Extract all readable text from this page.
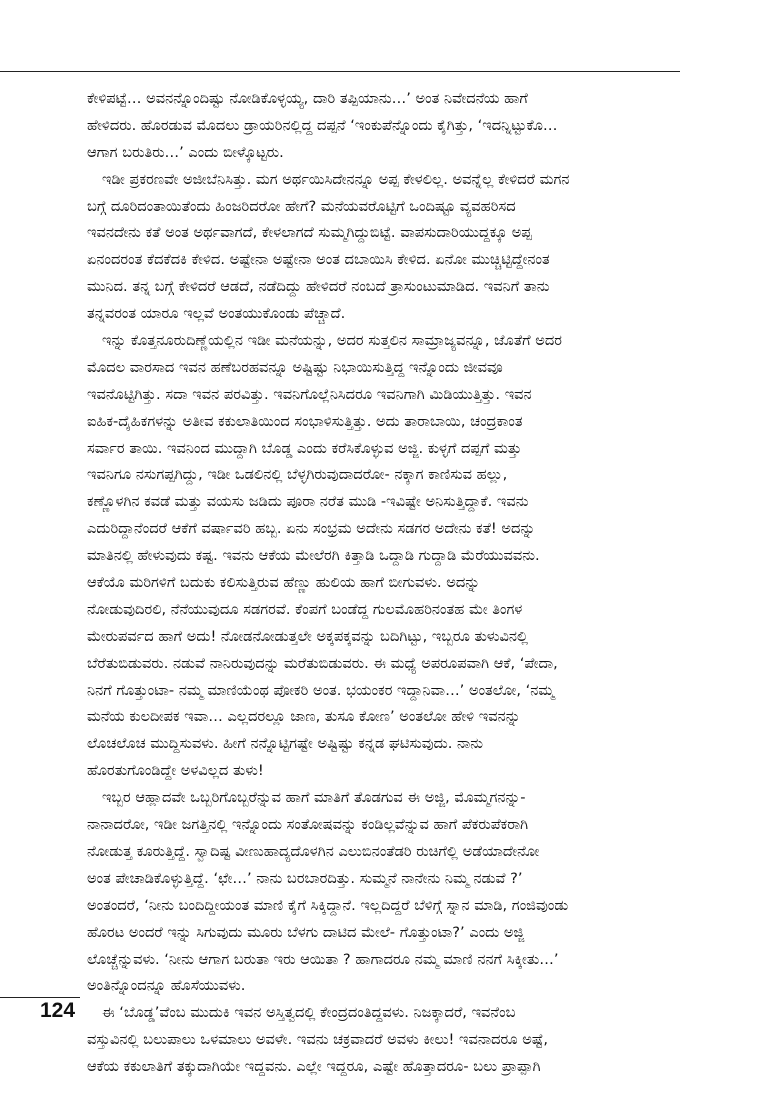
ಕೇಳಿಪಟ್ಟೆ… ಅವನನ್ನೊಂದಿಷ್ಟು ನೋಡಿಕೊಳ್ಳಯ್ಯ, ದಾರಿ ತಪ್ಪಿಯಾನು…’ ಅಂತ ನಿವೇದನೆಯ ಹಾಗೆ
ಹೇಳಿದರು. ಹೊರಡುವ ಮೊದಲು ಡ್ರಾಯರಿನಲ್ಲಿದ್ದ ದಪ್ಪನೆ ‘ಇಂಕುಪೆನ್ನೊಂದು ಕೈಗಿತ್ತು, ‘ಇದನ್ನಿಟ್ಟುಕೊ…
ಆಗಾಗ ಬರುತಿರು…’ ಎಂದು ಬೀಳ್ಕೊಟ್ಟರು.
ಇಡೀ ಪ್ರಕರಣವೇ ಅಜೀಬೆನಿಸಿತ್ತು. ಮಗ ಅರ್ಥಯಿಸಿದೇನನ್ನೂ ಅಪ್ಪ ಕೇಳಲಿಲ್ಲ. ಅವನ್ನೆಲ್ಲ ಕೇಳಿದರೆ ಮಗನ
ಬಗ್ಗೆ ದೂರಿದಂತಾಯಿತೆಂದು ಹಿಂಜರಿದರೋ ಹೇಗೆ? ಮನೆಯವರೊಟ್ಟಿಗೆ ಒಂದಿಷ್ಟೂ ವ್ಯವಹರಿಸದ
ಇವನದೇನು ಕತೆ ಅಂತ ಅರ್ಥವಾಗದೆ, ಕೇಳಲಾಗದೆ ಸುಮ್ಮಗಿದ್ದುಬಿಟ್ಟೆ. ವಾಪಸುದಾರಿಯುದ್ದಕ್ಕೂ ಅಪ್ಪ
ಏನಂದರಂತ ಕೆದಕೆದಕಿ ಕೇಳಿದ. ಅಷ್ಟೇನಾ ಅಷ್ಟೇನಾ ಅಂತ ದಬಾಯಿಸಿ ಕೇಳಿದ. ಏನೋ ಮುಚ್ಚಿಟ್ಟಿದ್ದೇನಂತ
ಮುನಿದ. ತನ್ನ ಬಗ್ಗೆ ಕೇಳಿದರೆ ಆಡದೆ, ನಡೆದಿದ್ದು ಹೇಳಿದರೆ ನಂಬದೆ ತ್ರಾಸುಂಟುಮಾಡಿದ. ಇವನಿಗೆ ತಾನು
ತನ್ನವರಂತ ಯಾರೂ ಇಲ್ಲವೆ ಅಂತಯುಕೊಂಡು ಪೆಚ್ಚಾದೆ.
ಇನ್ನು ಕೊತ್ತನೂರುದಿಣ್ಣೆಯಲ್ಲಿನ ಇಡೀ ಮನೆಯನ್ನು, ಅದರ ಸುತ್ತಲಿನ ಸಾಮ್ರಾಜ್ಯವನ್ನೂ, ಜೊತೆಗೆ ಅದರ
ಮೊದಲ ವಾರಸಾದ ಇವನ ಹಣೆಬರಹವನ್ನೂ ಅಷ್ಟಿಷ್ಟು ನಿಭಾಯಿಸುತ್ತಿದ್ದ ಇನ್ನೊಂದು ಜೀವವೂ
ಇವನೊಟ್ಟಿಗಿತ್ತು. ಸದಾ ಇವನ ಪರವಿತ್ತು. ಇವನಿಗೊಲ್ಲೆನಿಸಿದರೂ ಇವನಿಗಾಗಿ ಮಿಡಿಯುತ್ತಿತ್ತು. ಇವನ
ಐಹಿಕ-ದೈಹಿಕಗಳನ್ನು ಅತೀವ ಕಕುಲಾತಿಯಿಂದ ಸಂಭಾಳಿಸುತ್ತಿತ್ತು. ಅದು ತಾರಾಬಾಯಿ, ಚಂದ್ರಕಾಂತ
ಸರ್ವಾರ ತಾಯಿ. ಇವನಿಂದ ಮುದ್ದಾಗಿ ಬೊಡ್ಡ ಎಂದು ಕರೆಸಿಕೊಳ್ಳುವ ಅಜ್ಜಿ. ಕುಳ್ಳಗೆ ದಪ್ಪಗೆ ಮತ್ತು
ಇವನಿಗೂ ನಸುಗಪ್ಪಗಿದ್ದು, ಇಡೀ ಒಡಲಿನಲ್ಲಿ ಬೆಳ್ಳಗಿರುವುದಾದರೋ- ನಕ್ಕಾಗ ಕಾಣಿಸುವ ಹಲ್ಲು,
ಕಣ್ಣೊಳಗಿನ ಕವಡೆ ಮತ್ತು ವಯಸು ಜಡಿದು ಪೂರಾ ನರೆತ ಮುಡಿ -ಇವಿಷ್ಟೇ ಅನಿಸುತ್ತಿದ್ದಾಕೆ. ಇವನು
ಎದುರಿದ್ದಾನೆಂದರೆ ಆಕೆಗೆ ವರ್ಷಾವರಿ ಹಬ್ಬ. ಏನು ಸಂಭ್ರಮ ಅದೇನು ಸಡಗರ ಅದೇನು ಕತೆ! ಅದನ್ನು
ಮಾತಿನಲ್ಲಿ ಹೇಳುವುದು ಕಷ್ಟ. ಇವನು ಆಕೆಯ ಮೇಲೆರಗಿ ಕಿತ್ತಾಡಿ ಒದ್ದಾಡಿ ಗುದ್ದಾಡಿ ಮೆರೆಯುವವನು.
ಆಕೆಯೊ ಮರಿಗಳಿಗೆ ಬದುಕು ಕಲಿಸುತ್ತಿರುವ ಹೆಣ್ಣು ಹುಲಿಯ ಹಾಗೆ ಬೀಗುವಳು. ಅದನ್ನು
ನೋಡುವುದಿರಲಿ, ನೆನೆಯುವುದೂ ಸಡಗರವೆ. ಕೆಂಪಗೆ ಬಂಡೆದ್ದ ಗುಲಮೊಹರಿನಂತಹ ಮೇ ತಿಂಗಳ
ಮೇರುಪರ್ವದ ಹಾಗೆ ಅದು! ನೋಡನೋಡುತ್ತಲೇ ಅಕ್ಕಪಕ್ಕವನ್ನು ಬದಿಗಿಟ್ಟು, ಇಬ್ಬರೂ ತುಳುವಿನಲ್ಲಿ
ಬೆರೆತುಬಿಡುವರು. ನಡುವೆ ನಾನಿರುವುದನ್ನು ಮರೆತುಬಿಡುವರು. ಈ ಮಧ್ಯೆ ಅಪರೂಪವಾಗಿ ಆಕೆ, ‘ಪೇದಾ,
ನಿನಗೆ ಗೊತ್ತುಂಟಾ- ನಮ್ಮ ಮಾಣಿಯೆಂಥ ಪೋಕರಿ ಅಂತ. ಭಯಂಕರ ಇದ್ದಾನಿವಾ…’ ಅಂತಲೋ, ‘ನಮ್ಮ
ಮನೆಯ ಕುಲದೀಪಕ ಇವಾ… ಎಲ್ಲದರಲ್ಲೂ ಜಾಣ, ತುಸೂ ಕೋಣ’ ಅಂತಲೋ ಹೇಳಿ ಇವನನ್ನು
ಲೊಚಲೊಚ ಮುದ್ದಿಸುವಳು. ಹೀಗೆ ನನ್ನೊಟ್ಟಿಗಷ್ಟೇ ಅಷ್ಟಿಷ್ಟು ಕನ್ನಡ ಘಟಿಸುವುದು. ನಾನು
ಹೊರತುಗೊಂಡಿದ್ದೇ ಅಳವಿಲ್ಲದ ತುಳು!
ಇಬ್ಬರ ಆಹ್ಲಾದವೇ ಒಬ್ಬರಿಗೊಬ್ಬರೆನ್ನುವ ಹಾಗೆ ಮಾತಿಗೆ ತೊಡಗುವ ಈ ಅಜ್ಜಿ, ಮೊಮ್ಮಗನನ್ನು-
ನಾನಾದರೋ, ಇಡೀ ಜಗತ್ತಿನಲ್ಲಿ ಇನ್ನೊಂದು ಸಂತೋಷವನ್ನು ಕಂಡಿಲ್ಲವೆನ್ನುವ ಹಾಗೆ ಪೆಕರುಪೆಕರಾಗಿ
ನೋಡುತ್ತ ಕೂರುತ್ತಿದ್ದೆ. ಸ್ವಾದಿಷ್ಟ ವೀಣುಹಾದ್ಯದೊಳಗಿನ ಎಲುಬಿನಂತೆಡರಿ ರುಚಿಗೆಲ್ಲಿ ಅಡೆಯಾದೇನೋ
ಅಂತ ಪೇಚಾಡಿಕೊಳ್ಳುತ್ತಿದ್ದೆ. ‘ಛೇ…’ ನಾನು ಬರಬಾರದಿತ್ತು. ಸುಮ್ಮನೆ ನಾನೇನು ನಿಮ್ಮ ನಡುವೆ ?’
ಅಂತಂದರೆ, ‘ನೀನು ಬಂದಿದ್ದೀಯಂತ ಮಾಣಿ ಕೈಗೆ ಸಿಕ್ಕಿದ್ದಾನೆ. ಇಲ್ಲದಿದ್ದರೆ ಬೆಳಿಗ್ಗೆ ಸ್ನಾನ ಮಾಡಿ, ಗಂಜಿವುಂಡು
ಹೊರಟ ಅಂದರೆ ಇನ್ನು ಸಿಗುವುದು ಮೂರು ಬೆಳಗು ದಾಟಿದ ಮೇಲೆ- ಗೊತ್ತುಂಟಾ?’ ಎಂದು ಅಜ್ಜಿ
ಲೊಚ್ಚೆನ್ನುವಳು. ‘ನೀನು ಆಗಾಗ ಬರುತಾ ಇರು ಆಯಿತಾ ? ಹಾಗಾದರೂ ನಮ್ಮ ಮಾಣಿ ನನಗೆ ಸಿಕ್ಕೀತು…’
ಅಂತಿನ್ನೊಂದನ್ನೂ ಹೊಸೆಯುವಳು.
ಈ ‘ಬೊಡ್ಡ’ವೆಂಬ ಮುದುಕಿ ಇವನ ಅಸ್ತಿತ್ವದಲ್ಲಿ ಕೇಂದ್ರದಂತಿದ್ದವಳು. ನಿಜಕ್ಕಾದರೆ, ಇವನೆಂಬ
ವಸ್ತುವಿನಲ್ಲಿ ಬಲುಪಾಲು ಒಳಮಾಲು ಅವಳೇ. ಇವನು ಚಕ್ರವಾದರೆ ಅವಳು ಕೀಲು! ಇವನಾದರೂ ಅಷ್ಟೆ,
ಆಕೆಯ ಕಕುಲಾತಿಗೆ ತಕ್ಕುದಾಗಿಯೇ ಇದ್ದವನು. ಎಲ್ಲೇ ಇದ್ದರೂ, ಎಷ್ಟೇ ಹೊತ್ತಾದರೂ- ಬಲು ಪ್ರಾಪ್ಪಾಗಿ
124
